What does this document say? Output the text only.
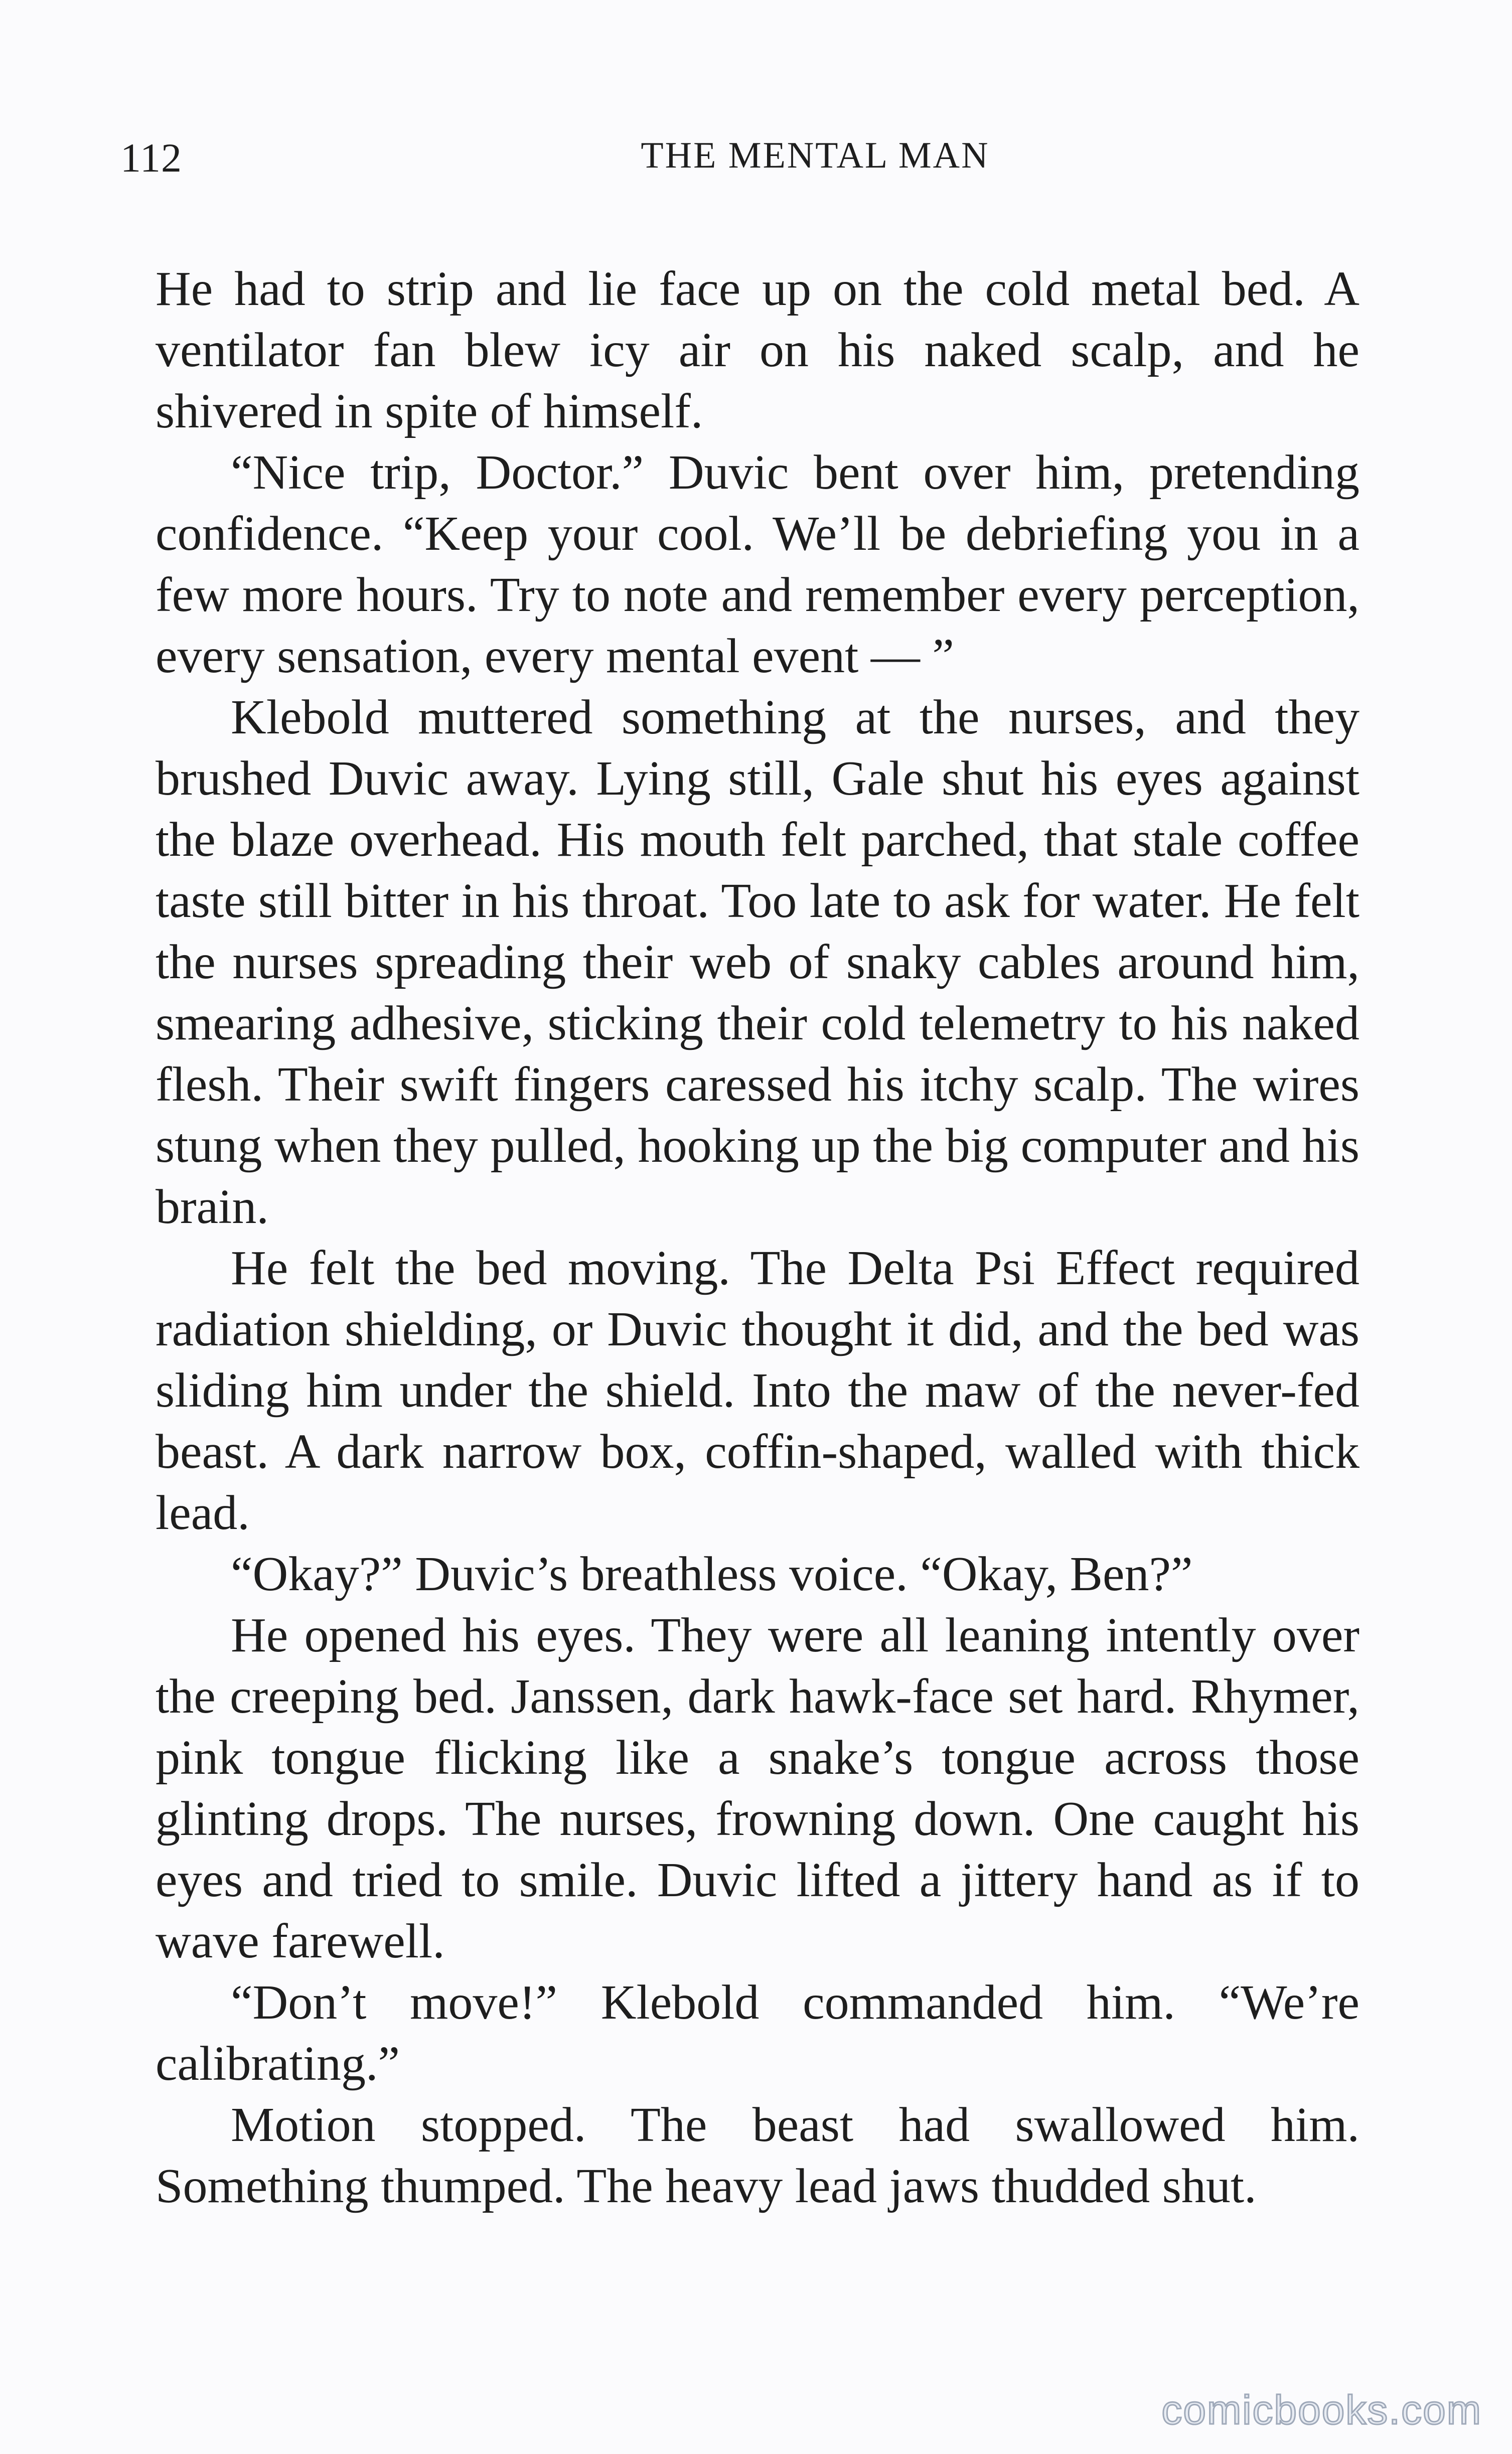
112	THE MENTAL MAN

He had to strip and lie face up on the cold metal bed. A ventilator fan blew icy air on his naked scalp, and he shivered in spite of himself.

“Nice trip, Doctor.” Duvic bent over him, pretending confidence. “Keep your cool. We’ll be debriefing you in a few more hours. Try to note and remember every perception, every sensation, every mental event — ”

Klebold muttered something at the nurses, and they brushed Duvic away. Lying still, Gale shut his eyes against the blaze overhead. His mouth felt parched, that stale coffee taste still bitter in his throat. Too late to ask for water. He felt the nurses spreading their web of snaky cables around him, smearing adhesive, sticking their cold telemetry to his naked flesh. Their swift fingers caressed his itchy scalp. The wires stung when they pulled, hooking up the big computer and his brain.

He felt the bed moving. The Delta Psi Effect required radiation shielding, or Duvic thought it did, and the bed was sliding him under the shield. Into the maw of the never-fed beast. A dark narrow box, coffin-shaped, walled with thick lead.

“Okay?” Duvic’s breathless voice. “Okay, Ben?”

He opened his eyes. They were all leaning intently over the creeping bed. Janssen, dark hawk-face set hard. Rhymer, pink tongue flicking like a snake’s tongue across those glinting drops. The nurses, frowning down. One caught his eyes and tried to smile. Duvic lifted a jittery hand as if to wave farewell.

“Don’t move!” Klebold commanded him. “We’re calibrating.”

Motion stopped. The beast had swallowed him. Something thumped. The heavy lead jaws thudded shut.

comicbooks.com
